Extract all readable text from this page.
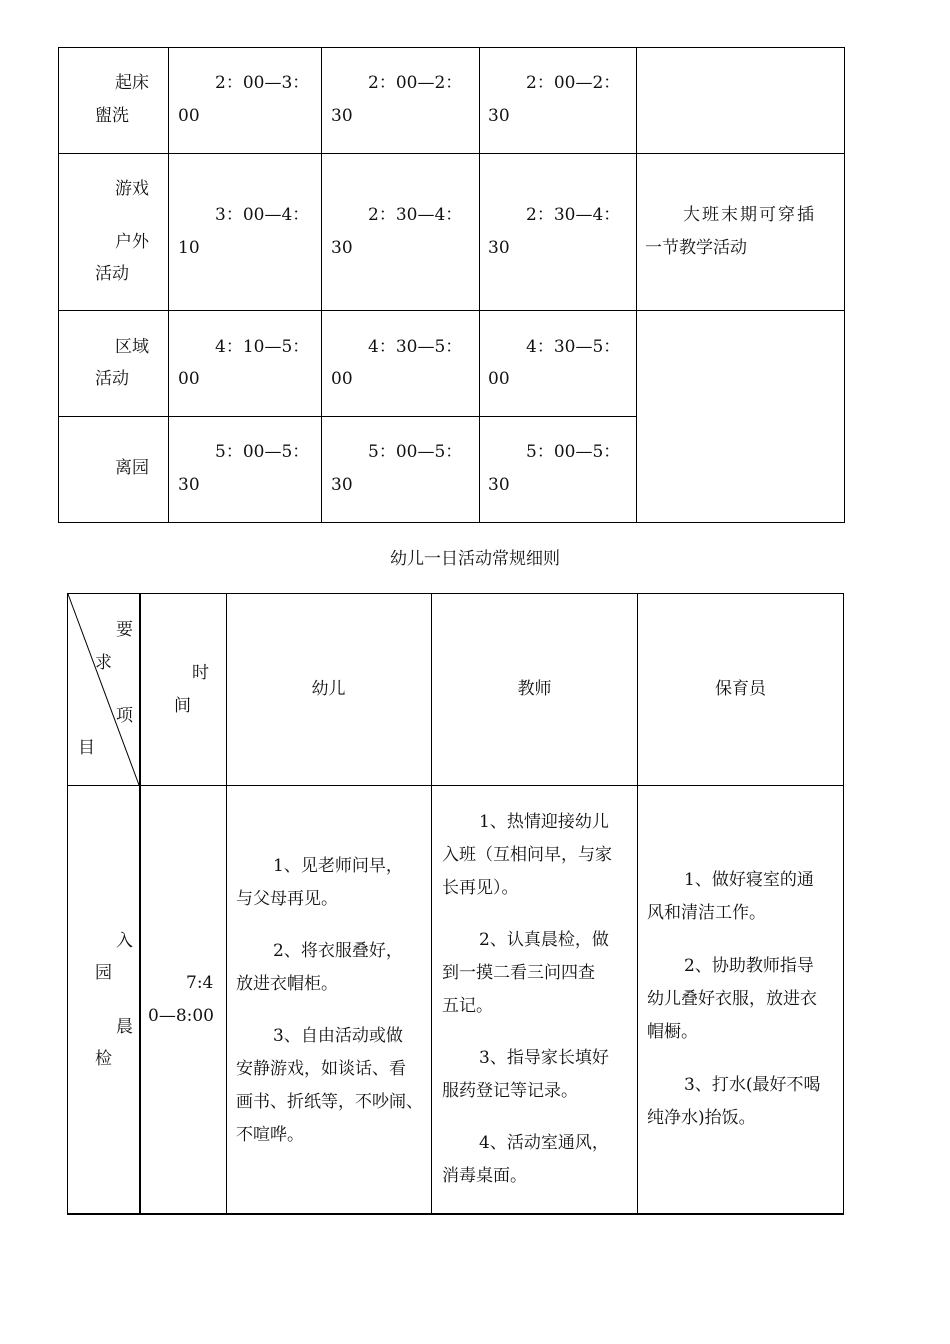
起床
盥洗
2：00—3：
00
2：00—2：
30
2：00—2：
30
游戏
户外
活动
3：00—4：
10
2：30—4：
30
2：30—4：
30
大班末期可穿插
一节教学活动
区域
活动
4：10—5：
00
4：30—5：
00
4：30—5：
00
离园
5：00—5：
30
5：00—5：
30
5：00—5：
30
幼儿一日活动常规细则
要
求
项
目
时
间
幼儿	教师	保育员
入
园
晨
检
7:4
0—8:00
1、见老师问早，
与父母再见。
2、将衣服叠好，
放进衣帽柜。
3、自由活动或做
安静游戏，如谈话、看
画书、折纸等，不吵闹、
不喧哗。
1、热情迎接幼儿
入班（互相问早，与家
长再见）。
2、认真晨检，做
到一摸二看三问四查
五记。
3、指导家长填好
服药登记等记录。
4、活动室通风，
消毒桌面。
1、做好寝室的通
风和清洁工作。
2、协助教师指导
幼儿叠好衣服，放进衣
帽橱。
3、打水(最好不喝
纯净水)抬饭。
